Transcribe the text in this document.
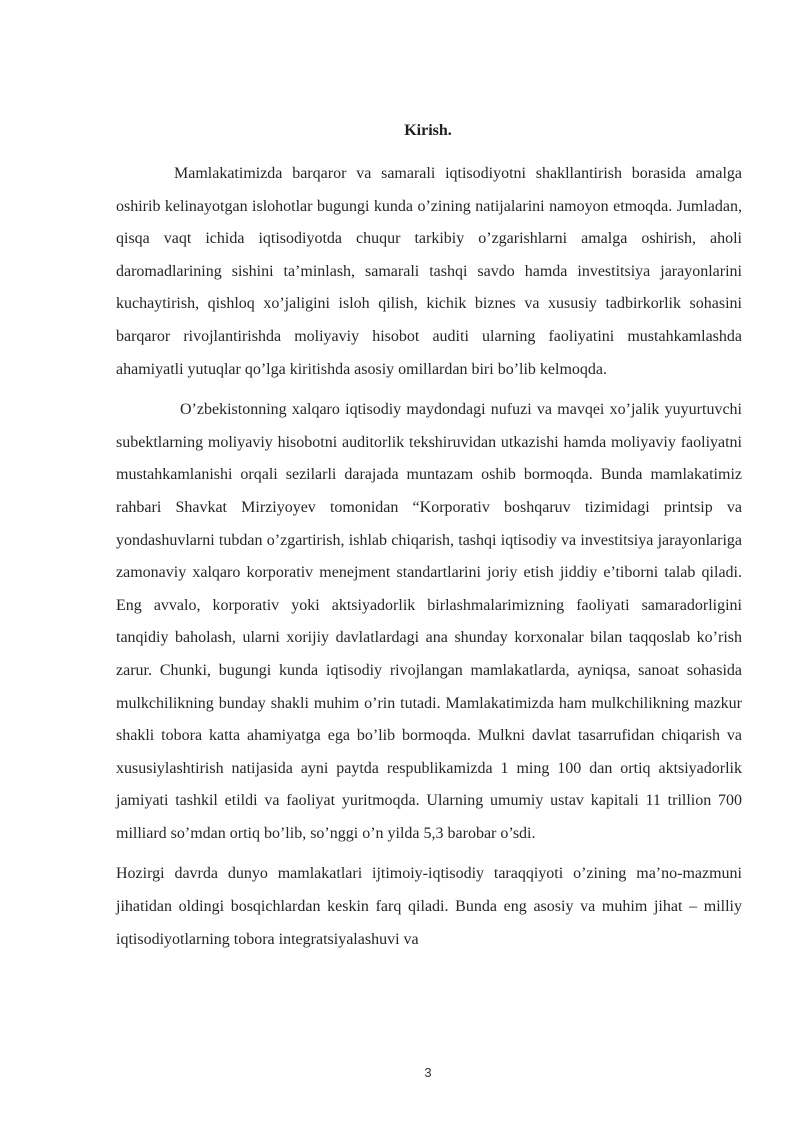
Kirish.

Mamlakatimizda barqaror va samarali iqtisodiyotni shakllantirish borasida amalga oshirib kelinayotgan islohotlar bugungi kunda o’zining natijalarini namoyon etmoqda. Jumladan, qisqa vaqt ichida iqtisodiyotda chuqur tarkibiy o’zgarishlarni amalga oshirish, aholi daromadlarining sishini ta’minlash, samarali tashqi savdo hamda investitsiya jarayonlarini kuchaytirish, qishloq xo’jaligini isloh qilish, kichik biznes va xususiy tadbirkorlik sohasini barqaror rivojlantirishda moliyaviy hisobot auditi ularning faoliyatini mustahkamlashda ahamiyatli yutuqlar qo’lga kiritishda asosiy omillardan biri bo’lib kelmoqda.

O’zbekistonning xalqaro iqtisodiy maydondagi nufuzi va mavqei xo’jalik yuyurtuvchi subektlarning moliyaviy hisobotni auditorlik tekshiruvidan utkazishi hamda moliyaviy faoliyatni mustahkamlanishi orqali sezilarli darajada muntazam oshib bormoqda. Bunda mamlakatimiz rahbari Shavkat Mirziyoyev tomonidan “Korporativ boshqaruv tizimidagi printsip va yondashuvlarni tubdan o’zgartirish, ishlab chiqarish, tashqi iqtisodiy va investitsiya jarayonlariga zamonaviy xalqaro korporativ menejment standartlarini joriy etish jiddiy e’tiborni talab qiladi. Eng avvalo, korporativ yoki aktsiyadorlik birlashmalarimizning faoliyati samaradorligini tanqidiy baholash, ularni xorijiy davlatlardagi ana shunday korxonalar bilan taqqoslab ko’rish zarur. Chunki, bugungi kunda iqtisodiy rivojlangan mamlakatlarda, ayniqsa, sanoat sohasida mulkchilikning bunday shakli muhim o’rin tutadi. Mamlakatimizda ham mulkchilikning mazkur shakli tobora katta ahamiyatga ega bo’lib bormoqda. Mulkni davlat tasarrufidan chiqarish va xususiylashtirish natijasida ayni paytda respublikamizda 1 ming 100 dan ortiq aktsiyadorlik jamiyati tashkil etildi va faoliyat yuritmoqda. Ularning umumiy ustav kapitali 11 trillion 700 milliard so’mdan ortiq bo’lib, so’nggi o’n yilda 5,3 barobar o’sdi.

Hozirgi davrda dunyo mamlakatlari ijtimoiy-iqtisodiy taraqqiyoti o’zining ma’no-mazmuni jihatidan oldingi bosqichlardan keskin farq qiladi. Bunda eng asosiy va muhim jihat – milliy iqtisodiyotlarning tobora integratsiyalashuvi va

3
